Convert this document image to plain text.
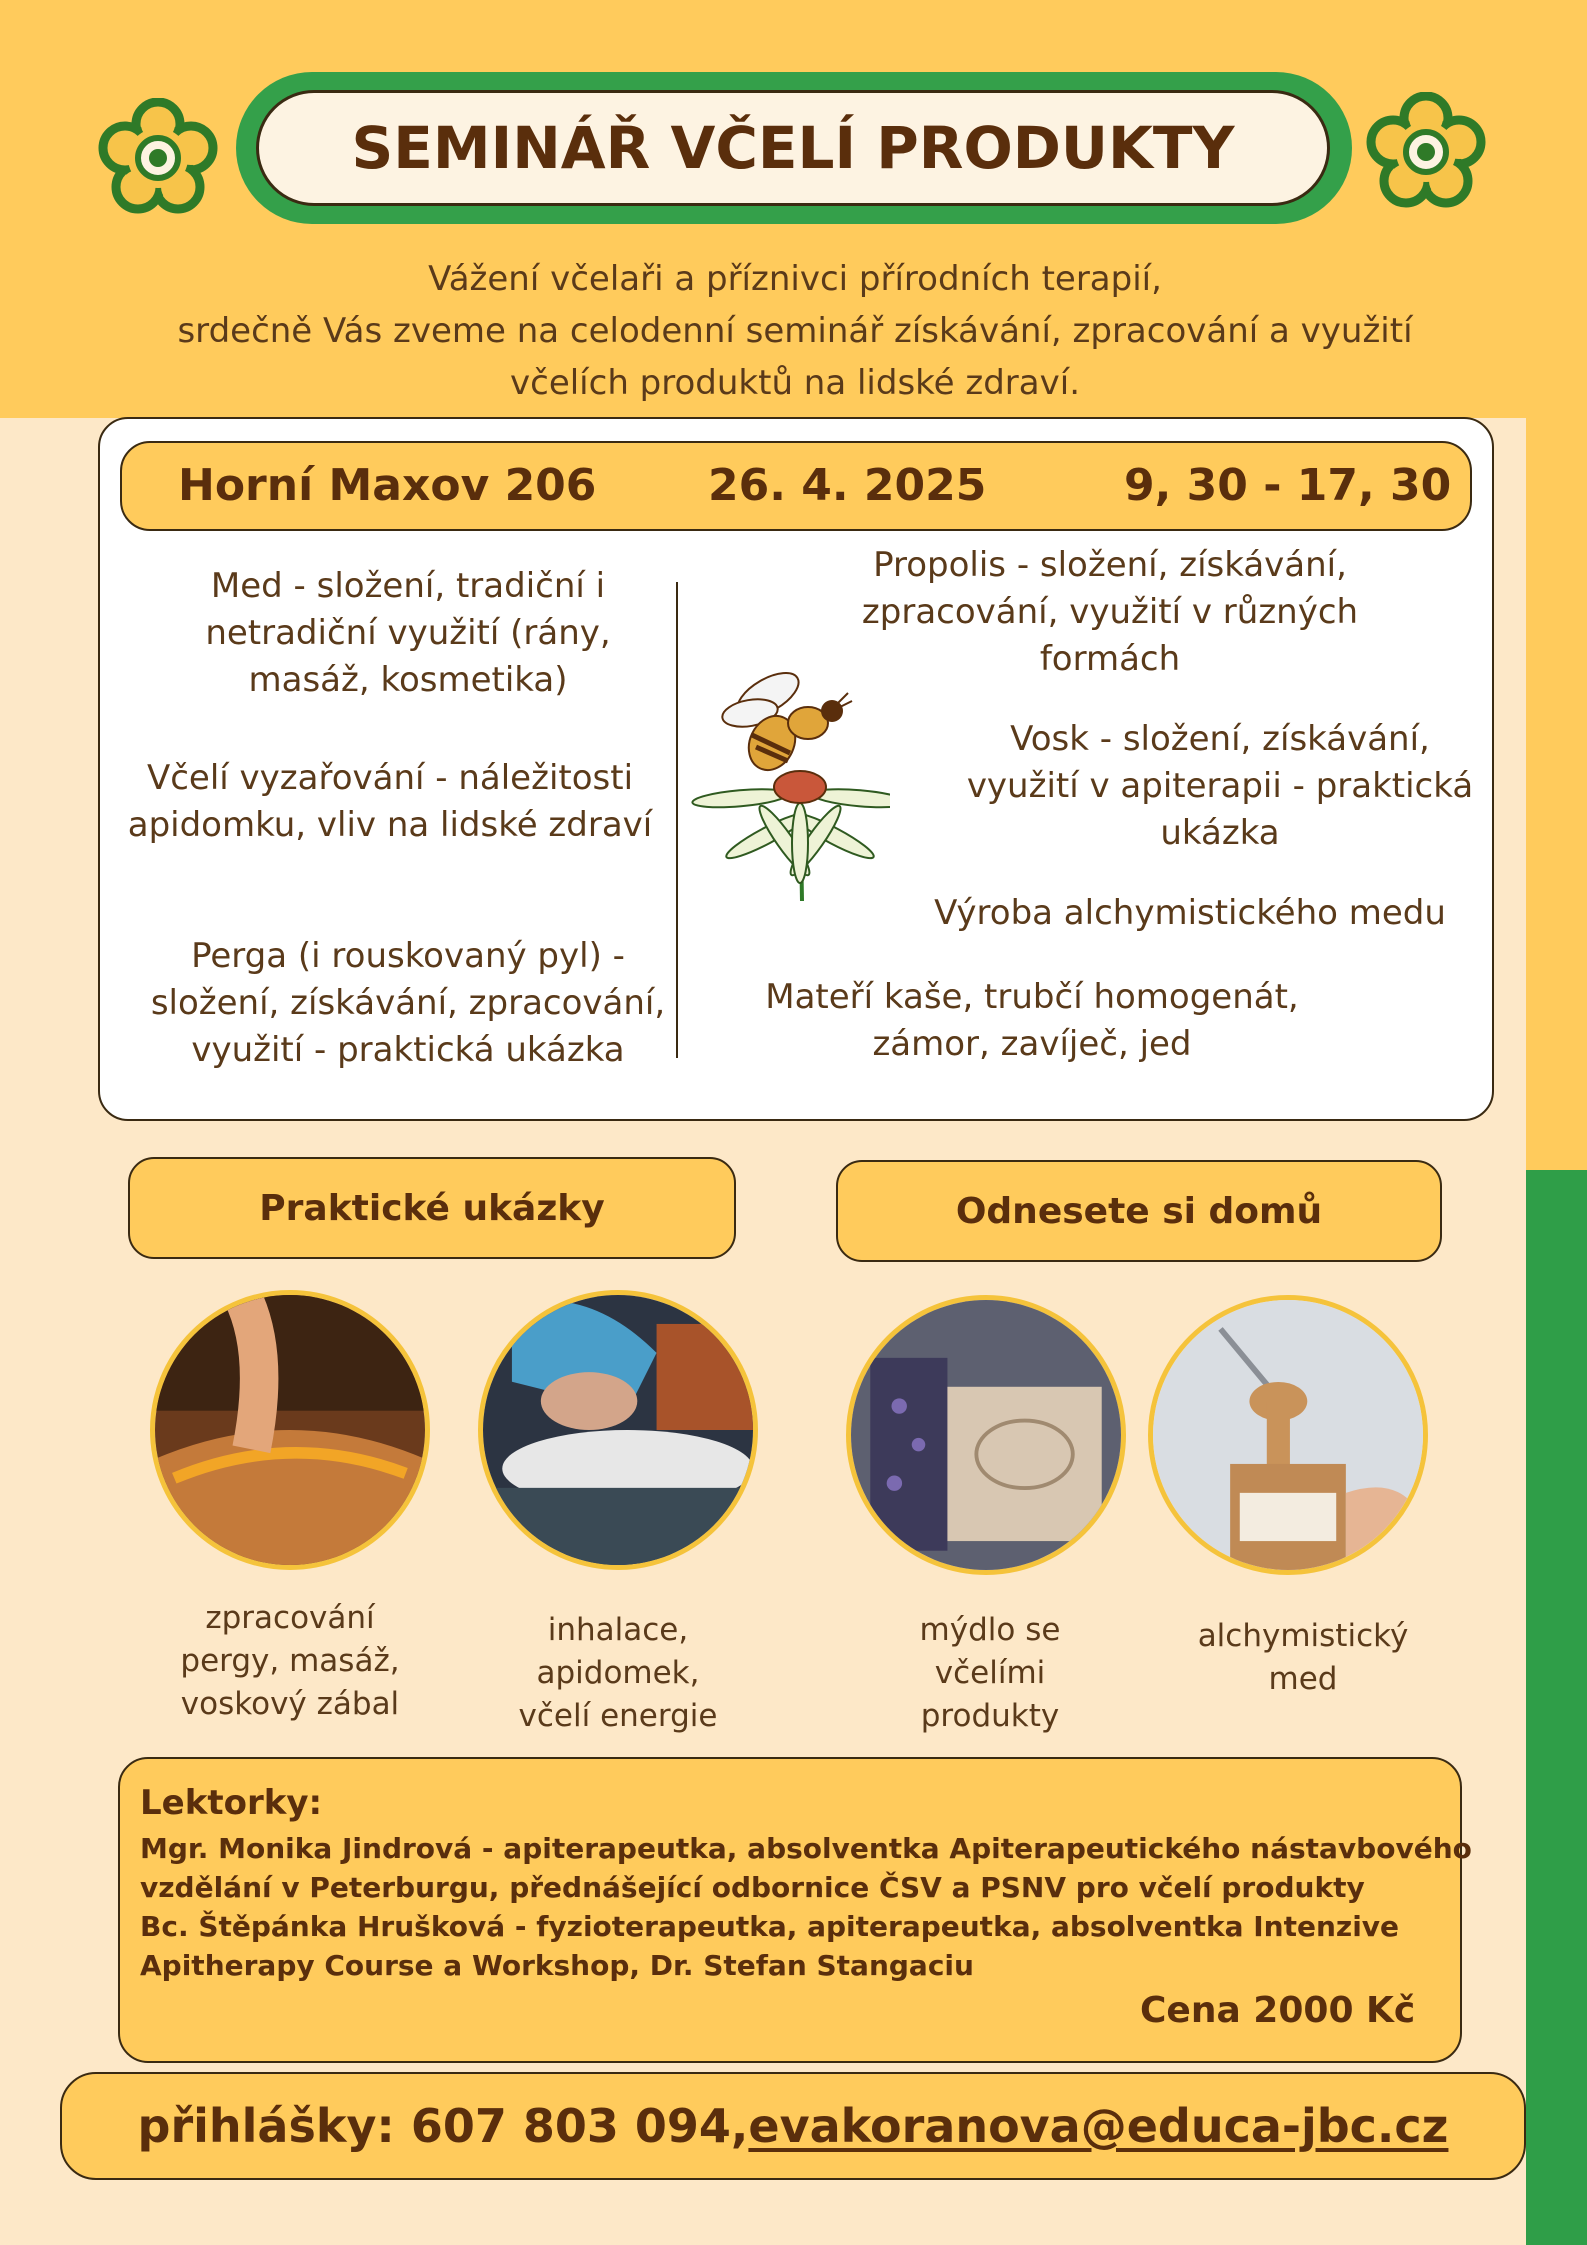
SEMINÁŘ VČELÍ PRODUKTY
Vážení včelaři a příznivci přírodních terapií,
srdečně Vás zveme na celodenní seminář získávání, zpracování a využití
včelích produktů na lidské zdraví.
Horní Maxov 206	26. 4. 2025	9, 30 - 17, 30
Med - složení, tradiční i
netradiční využití (rány,
masáž, kosmetika)
Včelí vyzařování - náležitosti
apidomku, vliv na lidské zdraví
Perga (i rouskovaný pyl) -
složení, získávání, zpracování,
využití - praktická ukázka
Propolis - složení, získávání,
zpracování, využití v různých
formách
Vosk - složení, získávání,
využití v apiterapii - praktická
ukázka
Výroba alchymistického medu
Mateří kaše, trubčí homogenát,
zámor, zavíječ, jed
Praktické ukázky	Odnesete si domů
zpracování
pergy, masáž,
voskový zábal
inhalace,
apidomek,
včelí energie
mýdlo se
včelími
produkty
alchymistický
med
Lektorky:
Mgr. Monika Jindrová - apiterapeutka, absolventka Apiterapeutického nástavbového
vzdělání v Peterburgu, přednášející odbornice ČSV a PSNV pro včelí produkty
Bc. Štěpánka Hrušková - fyzioterapeutka, apiterapeutka, absolventka Intenzive
Apitherapy Course a Workshop, Dr. Stefan Stangaciu
Cena 2000 Kč
přihlášky: 607 803 094, evakoranova@educa-jbc.cz
